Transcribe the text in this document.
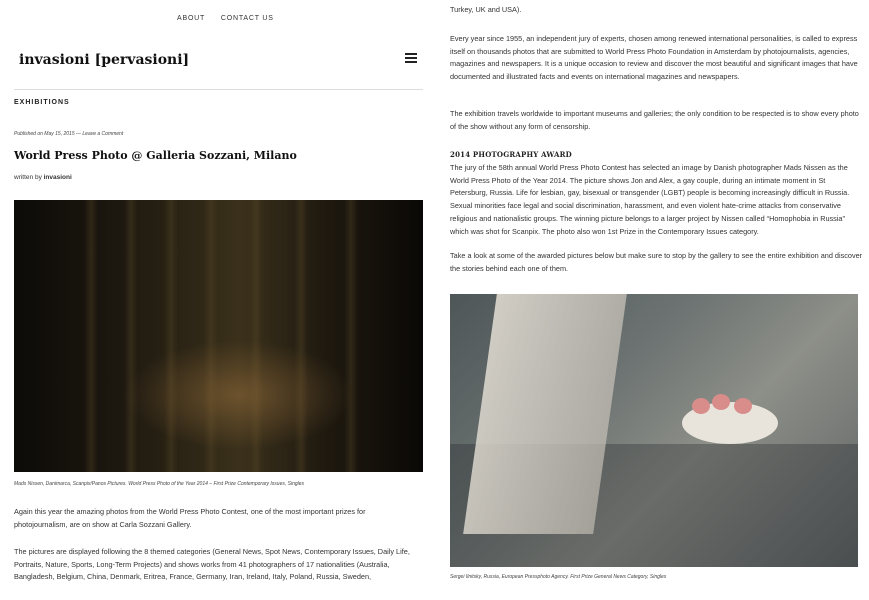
ABOUT CONTACT US
invasioni [pervasioni]
EXHIBITIONS
Published on May 15, 2015 — Leave a Comment
World Press Photo @ Galleria Sozzani, Milano
written by invasioni
Mads Nissen, Danimarca, Scanpix/Panos Pictures. World Press Photo of the Year 2014 – First Prize Contemporary Issues, Singles
Again this year the amazing photos from the World Press Photo Contest, one of the most important prizes for photojournalism, are on show at Carla Sozzani Gallery.
The pictures are displayed following the 8 themed categories (General News, Spot News, Contemporary Issues, Daily Life, Portraits, Nature, Sports, Long-Term Projects) and shows works from 41 photographers of 17 nationalities (Australia, Bangladesh, Belgium, China, Denmark, Eritrea, France, Germany, Iran, Ireland, Italy, Poland, Russia, Sweden,
Turkey, UK and USA).
Every year since 1955, an independent jury of experts, chosen among renewed international personalities, is called to express itself on thousands photos that are submitted to World Press Photo Foundation in Amsterdam by photojournalists, agencies, magazines and newspapers. It is a unique occasion to review and discover the most beautiful and significant images that have documented and illustrated facts and events on international magazines and newspapers.
The exhibition travels worldwide to important museums and galleries; the only condition to be respected is to show every photo of the show without any form of censorship.
2014 PHOTOGRAPHY AWARD
The jury of the 58th annual World Press Photo Contest has selected an image by Danish photographer Mads Nissen as the World Press Photo of the Year 2014. The picture shows Jon and Alex, a gay couple, during an intimate moment in St Petersburg, Russia. Life for lesbian, gay, bisexual or transgender (LGBT) people is becoming increasingly difficult in Russia. Sexual minorities face legal and social discrimination, harassment, and even violent hate-crime attacks from conservative religious and nationalistic groups. The winning picture belongs to a larger project by Nissen called “Homophobia in Russia” which was shot for Scanpix. The photo also won 1st Prize in the Contemporary Issues category.
Take a look at some of the awarded pictures below but make sure to stop by the gallery to see the entire exhibition and discover the stories behind each one of them.
Sergei Ilnitsky, Russia, European Pressphoto Agency. First Prize General News Category, Singles
